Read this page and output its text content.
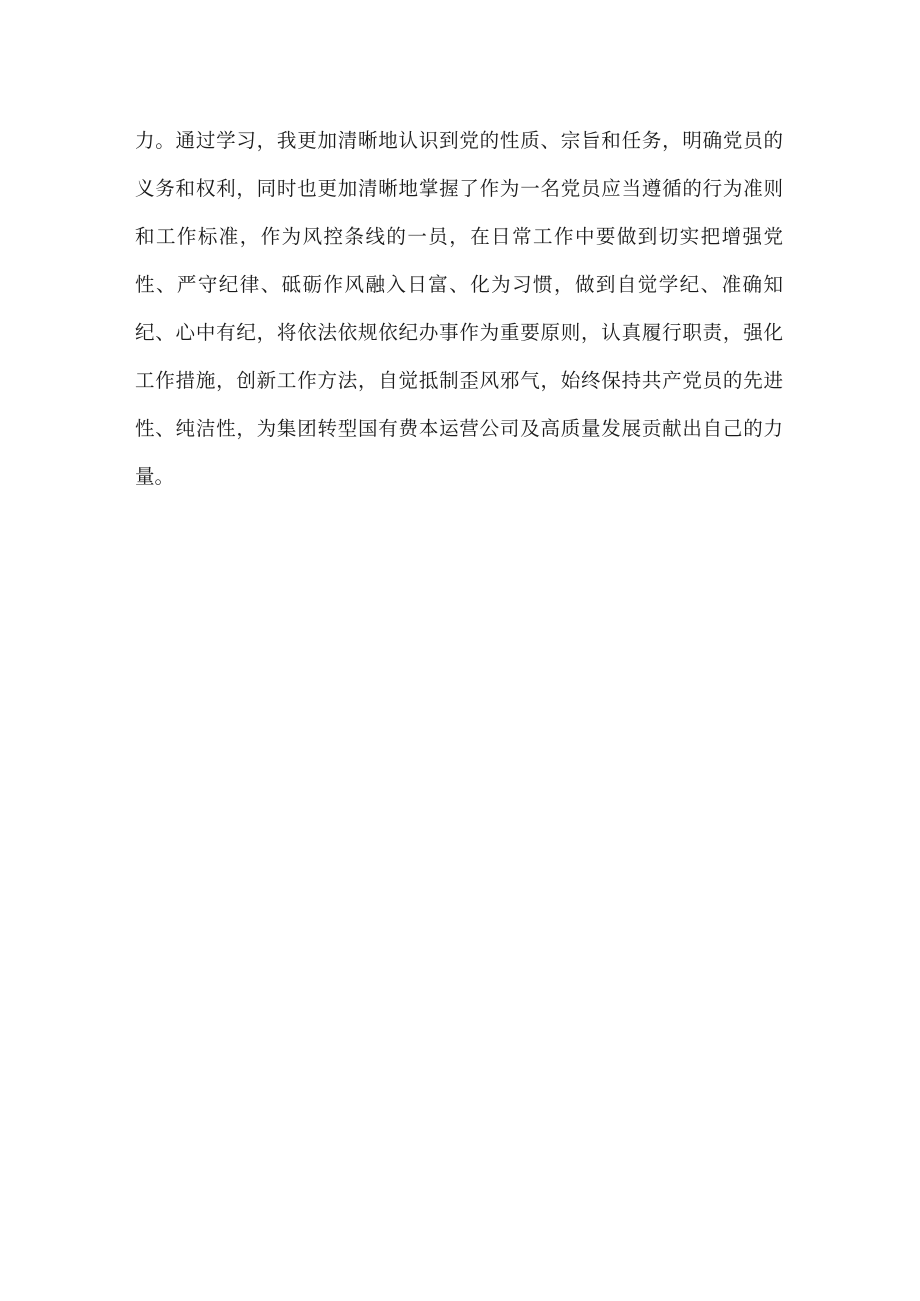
力。通过学习，我更加清晰地认识到党的性质、宗旨和任务，明确党员的
义务和权利，同时也更加清晰地掌握了作为一名党员应当遵循的行为准则
和工作标准，作为风控条线的一员，在日常工作中要做到切实把增强党
性、严守纪律、砥砺作风融入日富、化为习惯，做到自觉学纪、准确知
纪、心中有纪，将依法依规依纪办事作为重要原则，认真履行职责，强化
工作措施，创新工作方法，自觉抵制歪风邪气，始终保持共产党员的先进
性、纯洁性，为集团转型国有费本运营公司及高质量发展贡献出自己的力
量。
